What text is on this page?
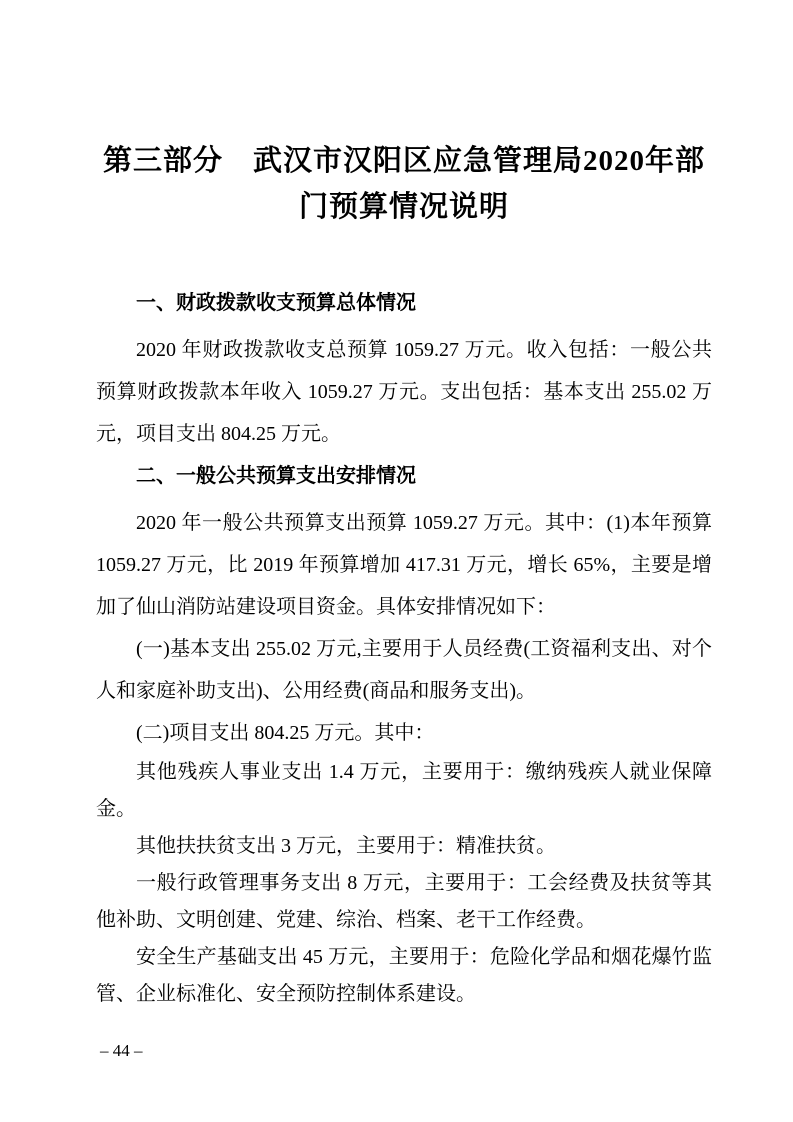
第三部分　武汉市汉阳区应急管理局2020年部
门预算情况说明
一、财政拨款收支预算总体情况

2020 年财政拨款收支总预算 1059.27 万元。收入包括：一般公共预算财政拨款本年收入 1059.27 万元。支出包括：基本支出 255.02 万元，项目支出 804.25 万元。

二、一般公共预算支出安排情况

2020 年一般公共预算支出预算 1059.27 万元。其中：(1)本年预算 1059.27 万元，比 2019 年预算增加 417.31 万元，增长 65%，主要是增加了仙山消防站建设项目资金。具体安排情况如下：

(一)基本支出 255.02 万元,主要用于人员经费(工资福利支出、对个人和家庭补助支出)、公用经费(商品和服务支出)。

(二)项目支出 804.25 万元。其中：

其他残疾人事业支出 1.4 万元，主要用于：缴纳残疾人就业保障金。

其他扶扶贫支出 3 万元，主要用于：精准扶贫。

一般行政管理事务支出 8 万元，主要用于：工会经费及扶贫等其他补助、文明创建、党建、综治、档案、老干工作经费。

安全生产基础支出 45 万元，主要用于：危险化学品和烟花爆竹监管、企业标准化、安全预防控制体系建设。

– 44 –
